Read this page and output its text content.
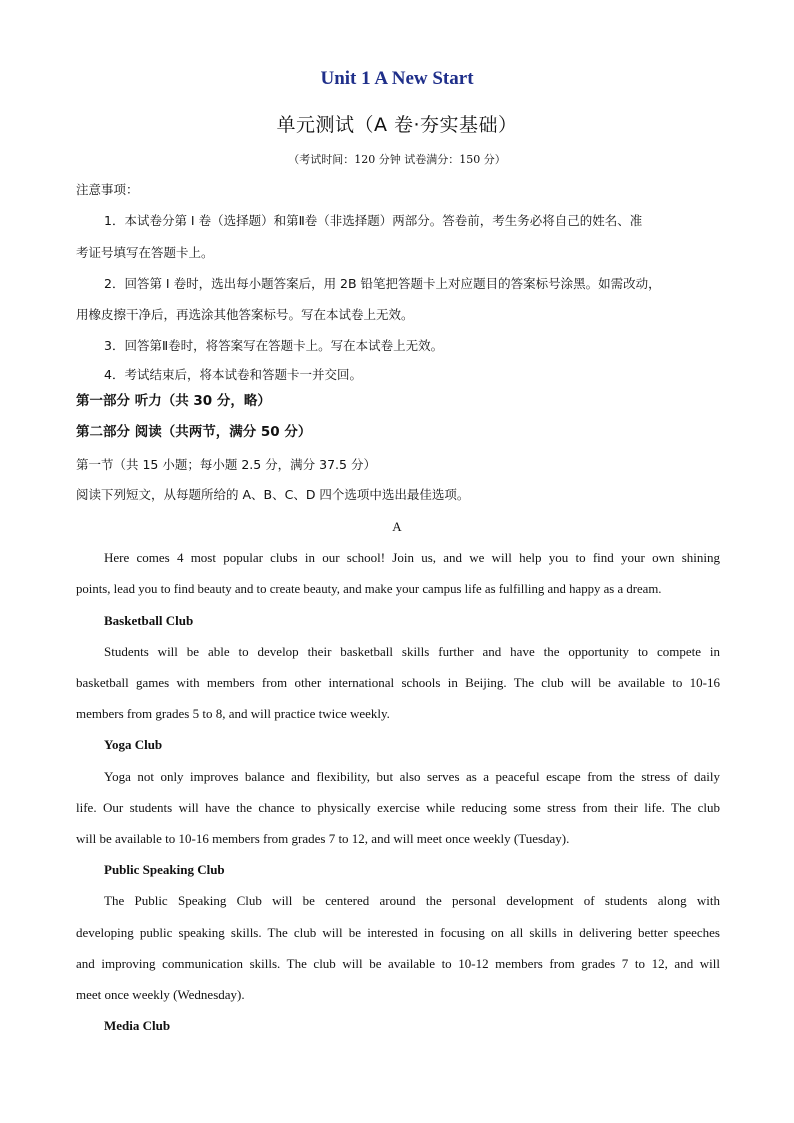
Unit 1 A New Start

单元测试（A 卷·夯实基础）

（考试时间：120 分钟 试卷满分：150 分）

注意事项：

1．本试卷分第 I 卷（选择题）和第Ⅱ卷（非选择题）两部分。答卷前，考生务必将自己的姓名、准

考证号填写在答题卡上。

2．回答第 I 卷时，选出每小题答案后，用 2B 铅笔把答题卡上对应题目的答案标号涂黑。如需改动，

用橡皮擦干净后，再选涂其他答案标号。写在本试卷上无效。

3．回答第Ⅱ卷时，将答案写在答题卡上。写在本试卷上无效。

4．考试结束后，将本试卷和答题卡一并交回。

第一部分 听力（共 30 分，略）

第二部分 阅读（共两节，满分 50 分）

第一节（共 15 小题；每小题 2.5 分，满分 37.5 分）

阅读下列短文，从每题所给的 A、B、C、D 四个选项中选出最佳选项。

A

Here comes 4 most popular clubs in our school! Join us, and we will help you to find your own shining

points, lead you to find beauty and to create beauty, and make your campus life as fulfilling and happy as a dream.

Basketball Club

Students will be able to develop their basketball skills further and have the opportunity to compete in

basketball games with members from other international schools in Beijing. The club will be available to 10-16

members from grades 5 to 8, and will practice twice weekly.

Yoga Club

Yoga not only improves balance and flexibility, but also serves as a peaceful escape from the stress of daily

life. Our students will have the chance to physically exercise while reducing some stress from their life. The club

will be available to 10-16 members from grades 7 to 12, and will meet once weekly (Tuesday).

Public Speaking Club

The Public Speaking Club will be centered around the personal development of students along with

developing public speaking skills. The club will be interested in focusing on all skills in delivering better speeches

and improving communication skills. The club will be available to 10-12 members from grades 7 to 12, and will

meet once weekly (Wednesday).

Media Club
